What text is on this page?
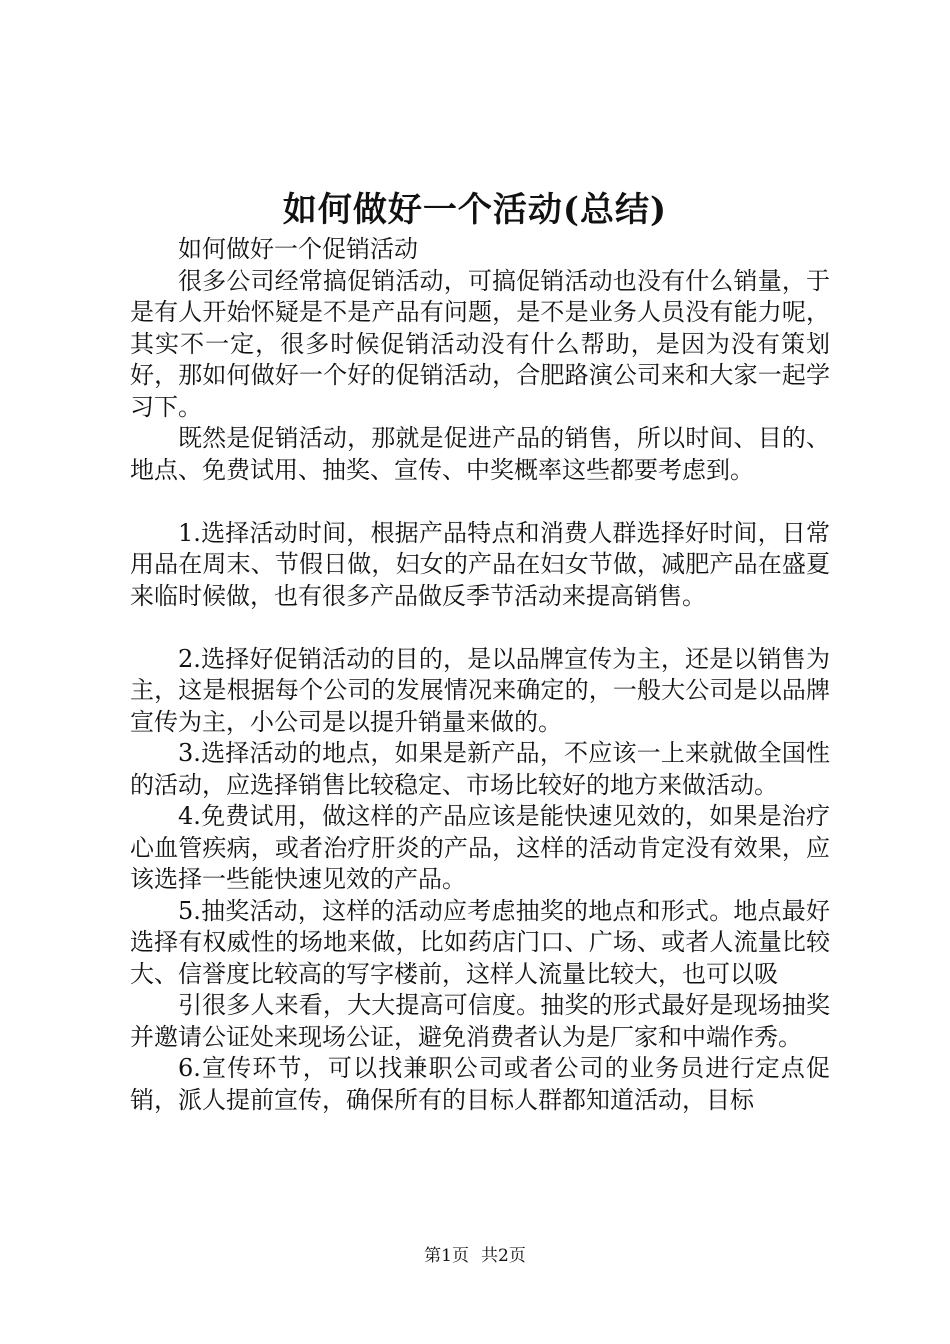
如何做好一个活动(总结)

如何做好一个促销活动

很多公司经常搞促销活动，可搞促销活动也没有什么销量，于是有人开始怀疑是不是产品有问题，是不是业务人员没有能力呢，其实不一定，很多时候促销活动没有什么帮助，是因为没有策划好，那如何做好一个好的促销活动，合肥路演公司来和大家一起学习下。

既然是促销活动，那就是促进产品的销售，所以时间、目的、地点、免费试用、抽奖、宣传、中奖概率这些都要考虑到。

1.选择活动时间，根据产品特点和消费人群选择好时间，日常用品在周末、节假日做，妇女的产品在妇女节做，减肥产品在盛夏来临时候做，也有很多产品做反季节活动来提高销售。

2.选择好促销活动的目的，是以品牌宣传为主，还是以销售为主，这是根据每个公司的发展情况来确定的，一般大公司是以品牌宣传为主，小公司是以提升销量来做的。

3.选择活动的地点，如果是新产品，不应该一上来就做全国性的活动，应选择销售比较稳定、市场比较好的地方来做活动。

4.免费试用，做这样的产品应该是能快速见效的，如果是治疗心血管疾病，或者治疗肝炎的产品，这样的活动肯定没有效果，应该选择一些能快速见效的产品。

5.抽奖活动，这样的活动应考虑抽奖的地点和形式。地点最好选择有权威性的场地来做，比如药店门口、广场、或者人流量比较大、信誉度比较高的写字楼前，这样人流量比较大，也可以吸

引很多人来看，大大提高可信度。抽奖的形式最好是现场抽奖并邀请公证处来现场公证，避免消费者认为是厂家和中端作秀。

6.宣传环节，可以找兼职公司或者公司的业务员进行定点促销，派人提前宣传，确保所有的目标人群都知道活动，目标

第1页 共2页
